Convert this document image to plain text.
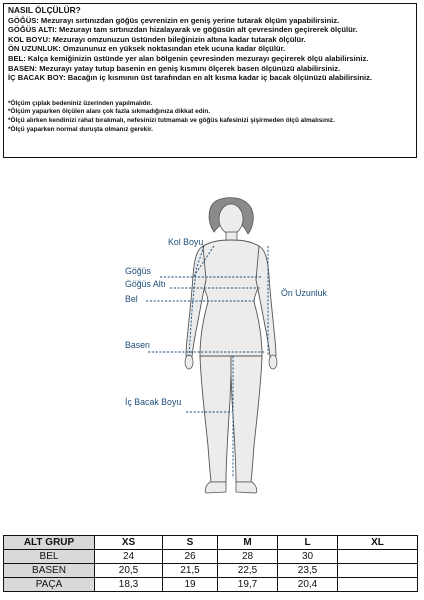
NASIL ÖLÇÜLÜR?

GÖĞÜS: Mezurayı sırtınızdan göğüs çevrenizin en geniş yerine tutarak ölçüm yapabilirsiniz.

GÖĞÜS ALTI: Mezurayı tam sırtınızdan hizalayarak ve göğüsün alt çevresinden geçirerek ölçülür.

KOL BOYU: Mezurayı omzunuzun üstünden bileğinizin altına kadar tutarak ölçülür.

ÖN UZUNLUK: Omzununuz en yüksek noktasından etek ucuna kadar ölçülür.

BEL: Kalça kemiğinizin üstünde yer alan bölgenin çevresinden mezurayı geçirerek ölçü alabilirsiniz.

BASEN: Mezurayı yatay tutup basenin en geniş kısmını ölçerek basen ölçünüzü alabilirsiniz.

İÇ BACAK BOY: Bacağın iç kısmının üst tarafından en alt kısma kadar iç bacak ölçünüzü alabilirsiniz.

*Ölçüm çıplak bedeniniz üzerinden yapılmalıdır.

*Ölçüm yaparken ölçülen alanı çok fazla sıkmadığınıza dikkat edin.

*Ölçü alırken kendinizi rahat bırakmalı, nefesinizi tutmamalı ve göğüs kafesinizi şişirmeden ölçü almalısınız.

*Ölçü yaparken normal duruşta olmanız gerekir.

Kol Boyu
Göğüs
Göğüs Altı
Bel
Ön Uzunluk
Basen
İç Bacak Boyu
ALT GRUP	XS	S	M	L	XL
BEL	24	26	28	30	
BASEN	20,5	21,5	22,5	23,5	
PAÇA	18,3	19	19,7	20,4	
